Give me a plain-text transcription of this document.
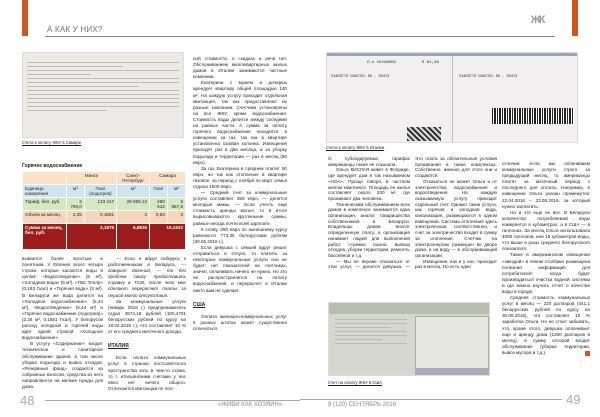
А КАК У НИХ?
Счета к оплату ЖКУ в Самаре
Горячее водоснабжение
	Минск		Санкт-Петербург	Самара	
Единица измерения	м³	Гкал (подогрев)	м³	Гкал	м³
Тариф, бел. руб.	2 790,0	133 417	28 869,12	460 512	6 957,6
Объем за месяц	2,25	0,1681	2	0,83	3
Сумма за месяц, бел. руб.	3,1878		5,6836	10,1632	

вывается более простым и понятным. У Евгения всего четыре строки, которые касаются воды в целом: «Водоотведение» (8 м³), «Холодная вода» (5 м³), «ГВС Теплр» (0,183 Гкал) и «Горячая вода» (3 м³). В Беларуси же вода делится на «Холодное водоснабжение» (5,44 м³), «Водоотведение» (5,44 м³) и «Горячее водоснабжение (подогрев)» (2,25 м³, 0,1681 Гкал). У белорусов расход холодной и горячей воды идет одной строкой «Холодное водоснабжение».

В услугу «Содержание» входит техническое и санитарное обслуживание здания, в том числе уборка подъезда и вывоз отходов. «Резервный фонд» создается из собранных взносов, средства из него направляются на мелкие нужды для дома.

— Если я вдруг соберусь к родственникам в Беларусь, — говорит Евгений, — то без проблем смогу предоставить справку в ТСЖ, после чего мне сделают перерасчет платы за период моего отсутствия.

За коммунальные услуги (январь 2016 г.) предприниматель отдал 3574,18 рублей (100,4701 белорусских рублей по курсу на 18.02.2016 г.), что составляет 10 % от его среднего месячного дохода.

ИТАЛИЯ

Если оплата коммунальных услуг в странах постсоветского пространства хоть в чем-то схожа, то с итальянскими счетами у нас явно нет ничего общего. Отличаются квитанции по пол-

ной стоимости, о скидках и речи нет. Обслуживанием многоквартирных жилых домов в Италии занимаются частные компании.

Екатерина с мужем и дочерью арендует квартиру общей площадью 140 м². На каждую услугу приходит отдельная квитанция, так как предоставляют их разные компании. Счетчики установлены на все ЖКУ, кроме водоснабжения. Стоимость воды делится между соседями на равные части. А сумма за оплату горячего водоснабжения находится в извещении за газ, так как в квартире установлена газовая колонка. Извещения приходят раз в два месяца, а за уборку подъезда и территории — раз в месяц (60 евро).

За газ Екатерина в среднем платит 50 евро, но так как отопление в квартире газовое, за период с ноября по март семья отдала 1500 евро.

— Средний счет за коммунальные услуги составляет 350 евро, — делятся молодые мамы. — Если учесть еще стоимость аренды жилья, то в итоге вырисовываются кругленькие суммы, равные иногда почти всей зарплате.

К слову, 350 евро по нынешнему курсу равняются 773,35 белорусским рублям (30.06.2016 г.).

Если девушка с семьей вдруг решит отправиться в отпуск, то платить за некоторые коммунальные услуги она не будет: нет показателей на счетчиках, значит, оплачивать ничего не нужно. Но это не распространяется на оплату водоснабжения, и перерасчет в Италии никто вам не сделает.

США

Оплата жилищно-коммунальных услуг в разных штатах может существенно отличаться.

48	«ЖИВИ КАК ХОЗЯИН»
ЖК
Л.н 15428859	€ 81,26
VIADOTTO DRAITEL 60 - 35473	VIADOTTO DRAITEL 60 - 35473
Счета к оплату ЖКУ в Италии

О субсидируемых тарифах американцы также не слышали.

Ольга КИСЛАЯ живет в Флориде, где арендует дом в так называемом «НОА». Проще говоря, в частном жилом комплексе. Площадь ее жилья составляет около 200 м², где проживают два человека.

Техническим обслуживанием всех домов в комплексе занимается одна организация, аналог товарищества собственников в Беларуси. Владельцы домов вносят определенную плату, а организация нанимает людей для выполнения работ: стрижки газона, вывоза отходов, уборки территории, ремонта, бассейнов и т.д.

— Мы не вправе отказаться от этих услуг, — делится девушка. — Это плата за обязательные условия проживания и также комплексах. Собственно, именно для этого они и создаются.

Отказаться не может Ольга и от электричества, водоснабжения и водоотведения. На каждую оказываемую услугу приходит отдельный счет. Однако такие услуги, как горячая и холодная вода, канализация, размещаются в одном извещении. Система отопления здесь электрическая, соответственно, и счет за электричество входит в сумму за отопление. Счетчик на электроэнергию размещен во дворе дома, а на воду — в обслуживающей организации.

Извещение, как и у нас, приходит раз в месяц. Но есть одно

отличие: если мы оплачиваем коммунальные услуги строго за предыдущий месяц, то американцы платят за месячный период с последнего дня оплаты. Например, в извещении Ольги указан промежуток: 22.04.2016 – 23.05.2016, за который нужно заплатить.

Но и это еще не все. В Беларуси количество потребляемой воды измеряется в кубометрах, а в США — в галлонах. За месяц Ольга использовала 4000 галлонов, или 15 кубометров воды, что выше в разы среднего белорусского показателя.

Также в американском извещении «звездой» в левом столбике размещена полезная информация для потребителей: когда будет производиться очистка водной системы и где можно изучить отчет о качестве воды в городе.

Средняя стоимость коммунальных услуг в месяц — 220 долларов (441,1 белорусских рублей по курсу на 30.06.2016), что составляет 10 % заработка Ольги. Но не стоит забывать, что, кроме этого, девушка оплачивает еще и аренду дома (1200 долларов в месяц), в сумму которой входит обслуживание (уборка территории, вывоз мусора и т.д.).

Счет на оплату ЖКУ в США
9 (120) СЕНТЯБРЬ 2016	49
